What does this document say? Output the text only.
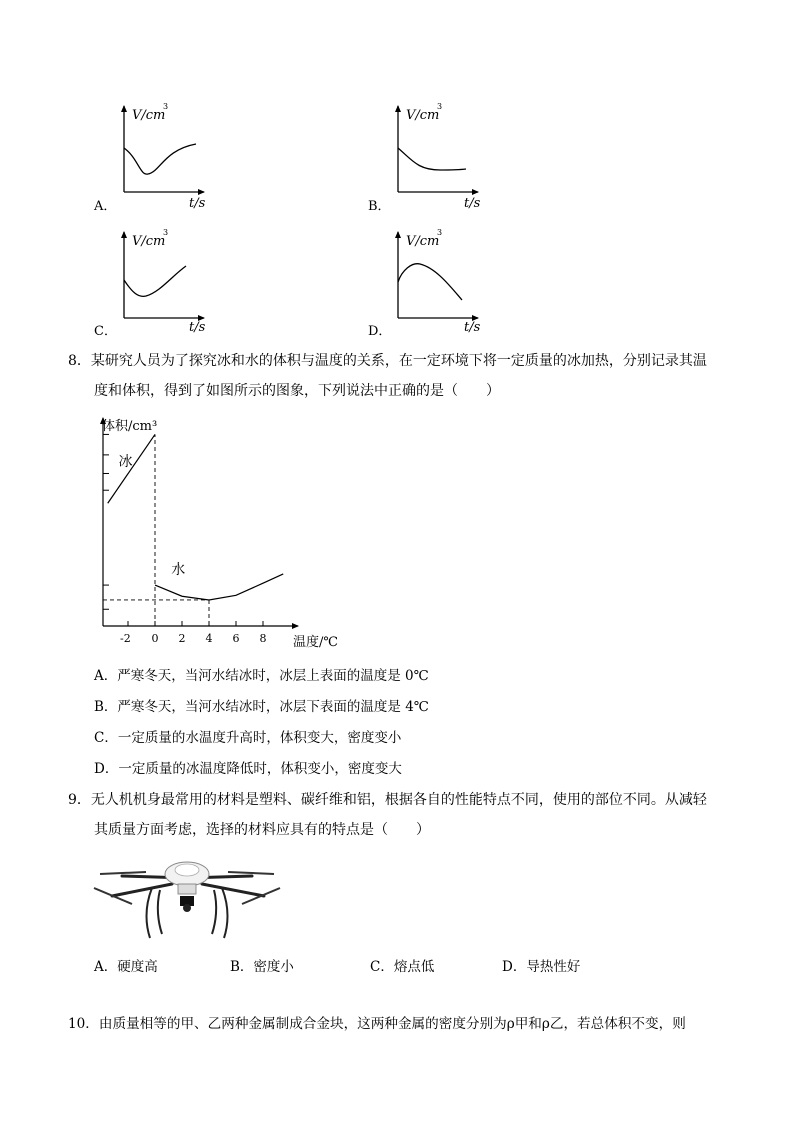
V/cm
3
t/s
V/cm
3
t/s
V/cm
3
t/s
V/cm
3
t/s
A．	B．
C．	D．
8．某研究人员为了探究冰和水的体积与温度的关系，在一定环境下将一定质量的冰加热，分别记录其温
度和体积，得到了如图所示的图象，下列说法中正确的是（　　）
-2 0 2 4 6 8
体积/cm³
温度/℃
冰
水
A．严寒冬天，当河水结冰时，冰层上表面的温度是 0℃
B．严寒冬天，当河水结冰时，冰层下表面的温度是 4℃
C．一定质量的水温度升高时，体积变大，密度变小
D．一定质量的冰温度降低时，体积变小，密度变大
9．无人机机身最常用的材料是塑料、碳纤维和铝，根据各自的性能特点不同，使用的部位不同。从减轻
其质量方面考虑，选择的材料应具有的特点是（　　）
A．硬度高	B．密度小	C．熔点低	D．导热性好
10．由质量相等的甲、乙两种金属制成合金块，这两种金属的密度分别为ρ甲和ρ乙，若总体积不变，则
